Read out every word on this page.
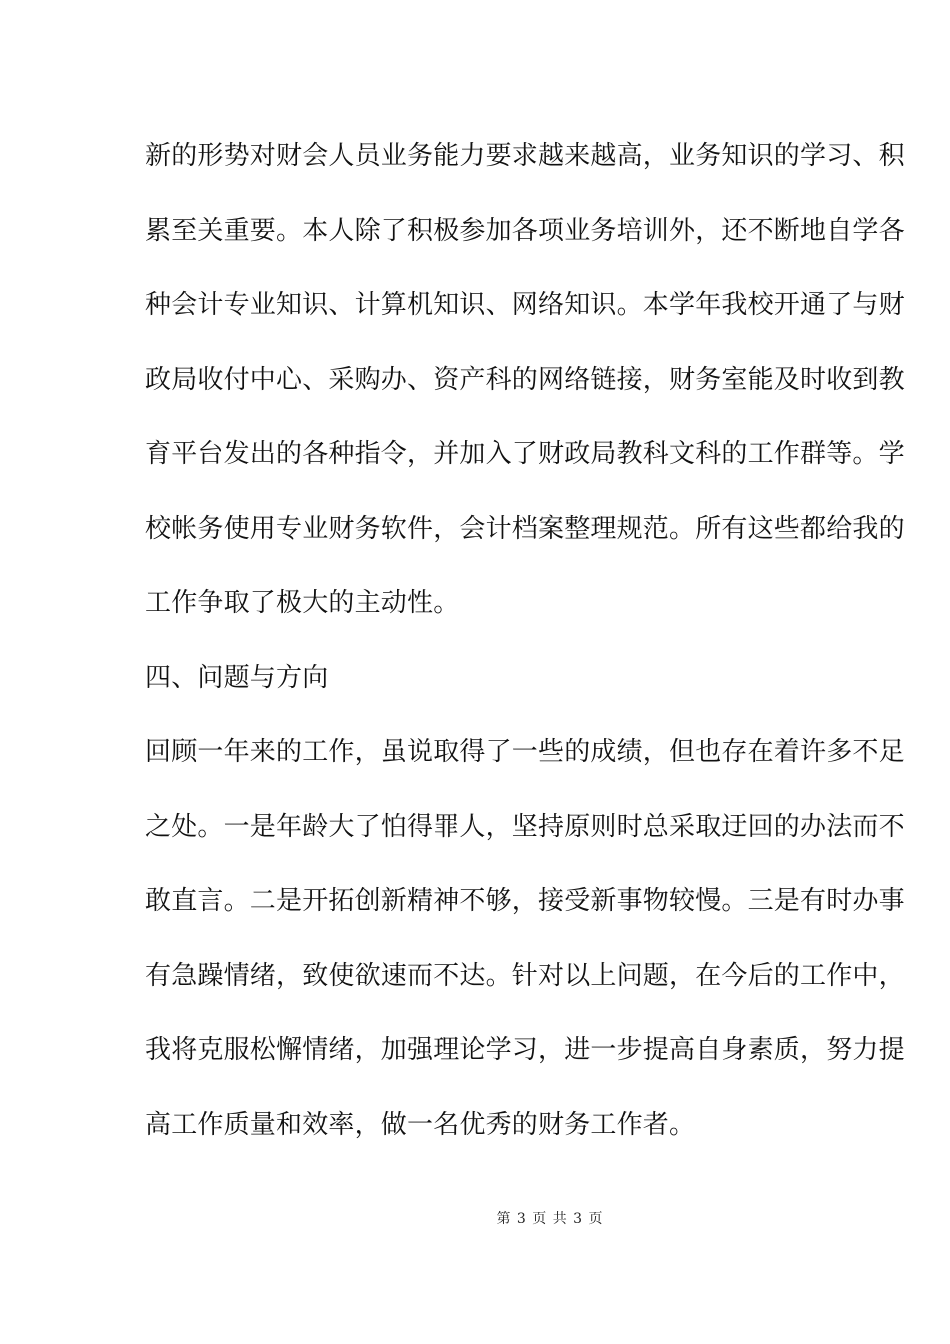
新的形势对财会人员业务能力要求越来越高，业务知识的学习、积
累至关重要。本人除了积极参加各项业务培训外，还不断地自学各
种会计专业知识、计算机知识、网络知识。本学年我校开通了与财
政局收付中心、采购办、资产科的网络链接，财务室能及时收到教
育平台发出的各种指令，并加入了财政局教科文科的工作群等。学
校帐务使用专业财务软件，会计档案整理规范。所有这些都给我的
工作争取了极大的主动性。
四、问题与方向
回顾一年来的工作，虽说取得了一些的成绩，但也存在着许多不足
之处。一是年龄大了怕得罪人，坚持原则时总采取迂回的办法而不
敢直言。二是开拓创新精神不够，接受新事物较慢。三是有时办事
有急躁情绪，致使欲速而不达。针对以上问题，在今后的工作中，
我将克服松懈情绪，加强理论学习，进一步提高自身素质，努力提
高工作质量和效率，做一名优秀的财务工作者。
第 3 页 共 3 页
